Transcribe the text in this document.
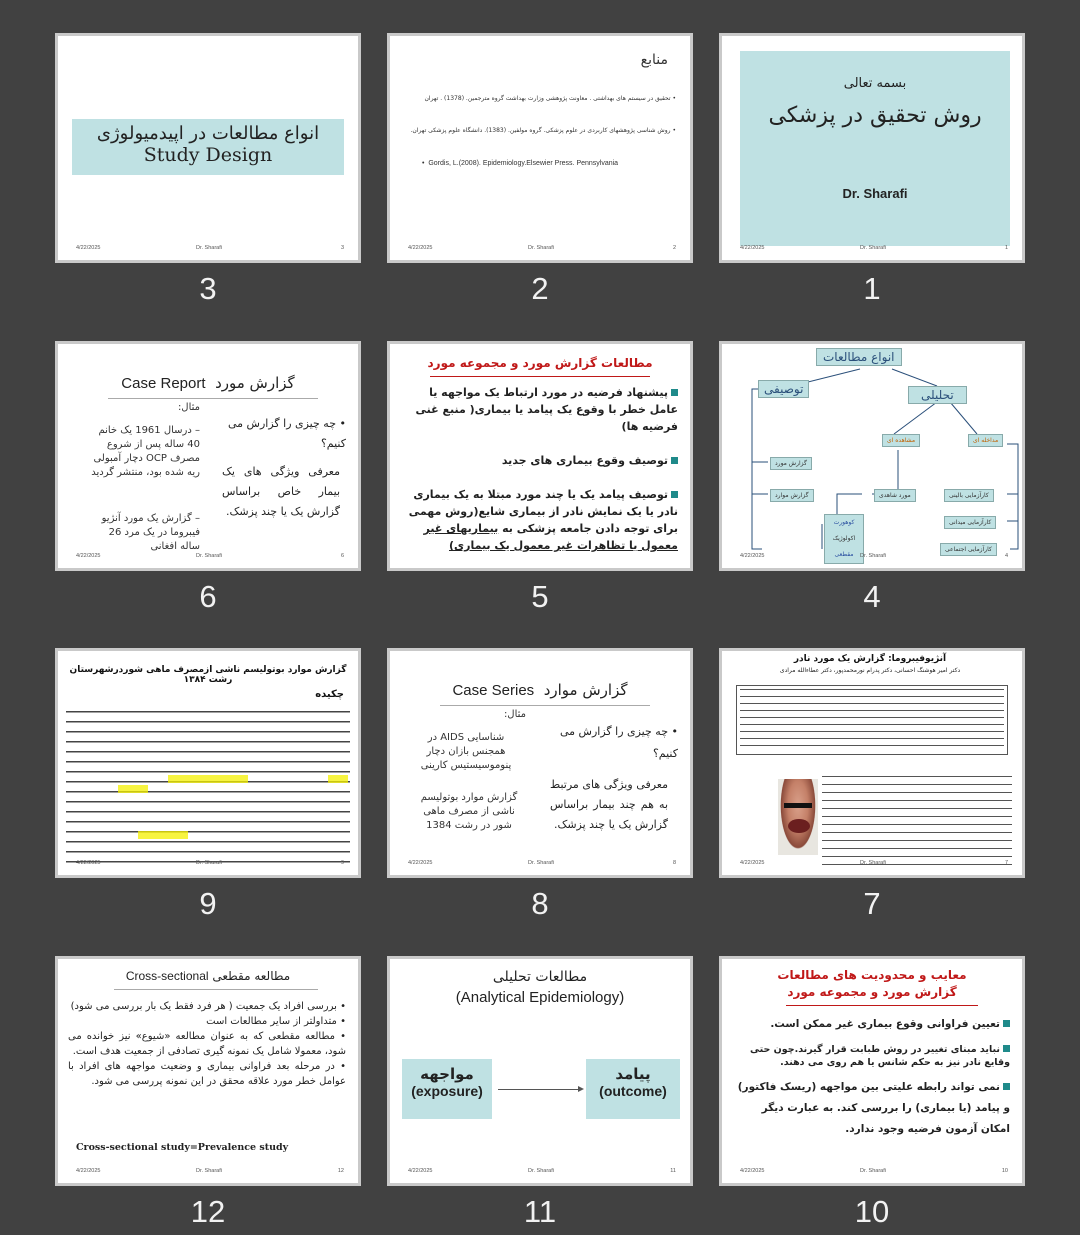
انواع مطالعات در اپیدمیولوژی
Study Design
4/22/2025	Dr. Sharafi	3
3
منابع
• تحقیق در سیستم های بهداشتی . معاونت پژوهشی وزارت بهداشت گروه مترجمین. (1378) . تهران
• روش شناسی پژوهشهای کاربردی در علوم پزشکی. گروه مولفین. (1383). دانشگاه علوم پزشکی تهران.
•  Gordis, L.(2008). Epidemiology.Elsewier Press. Pennsylvania
4/22/2025	Dr. Sharafi	2
2
بسمه تعالی
روش تحقیق در پزشکی
Dr. Sharafi
4/22/2025	Dr. Sharafi	1
1
Case Report گزارش مورد
• چه چیزی را گزارش می کنیم؟
معرفی ویژگی های یک بیمار خاص براساس گزارش یک یا چند پزشک.
مثال:
– درسال 1961 یک خانم 40 ساله پس از شروع مصرف OCP دچار آمبولی ریه شده بود، منتشر گردید
– گزارش یک مورد آنژیو فیبروما در یک مرد 26 ساله افغانی
4/22/2025	Dr. Sharafi	6
6
مطالعات گزارش مورد و مجموعه مورد
پیشنهاد فرضیه در مورد ارتباط یک مواجهه یا عامل خطر با وقوع یک پیامد یا بیماری( منبع غنی فرضیه ها)
توصیف وقوع بیماری های جدید
توصیف پیامد یک یا چند مورد مبتلا به یک بیماری نادر یا یک نمایش نادر از بیماری شایع(روش مهمی برای توجه دادن جامعه پزشکی به بیماریهای غیر معمول یا تظاهرات غیر معمول یک بیماری)
5
انواع مطالعات
توصیفی	تحلیلی
مشاهده ای	مداخله ای
گزارش مورد
گزارش موارد	مورد شاهدی
کوهورت
اکولوژیک
مقطعی
کارآزمایی بالینی
کارآزمایی میدانی
کارآزمایی اجتماعی
4/22/2025	Dr. Sharafi	4
4
گزارش موارد بوتولیسم ناشی ازمصرف ماهی شوردرشهرستان رشت ۱۳۸۴
چکیده
4/22/2025	Dr. Sharafi	9
9
Case Series گزارش موارد
• چه چیزی را گزارش می کنیم؟
معرفی ویژگی های مرتبط به هم چند بیمار براساس گزارش یک یا چند پزشک.
مثال:
شناسایی AIDS در همجنس بازان دچار پنوموسیستیس کارینی
گزارش موارد بوتولیسم ناشی از مصرف ماهی شور در رشت 1384
4/22/2025	Dr. Sharafi	8
8
آنژیوفیبروما: گزارش یک مورد نادر
دکتر امیر هوشنگ احسانی، دکتر پدرام نورمحمدپور، دکتر عطاءالله مرادی
4/22/2025	Dr. Sharafi	7
7
Cross-sectional مطالعه مقطعی
• بررسی افراد یک جمعیت ( هر فرد فقط یک بار بررسی می شود)
• متداولتر از سایر مطالعات است
• مطالعه مقطعی که به عنوان مطالعه «شیوع» نیز خوانده می شود، معمولا شامل یک نمونه گیری تصادفی از جمعیت هدف است.
• در مرحله بعد فراوانی بیماری و وضعیت مواجهه های افراد با عوامل خطر مورد علاقه محقق در این نمونه پررسی می شود.
Cross-sectional study=Prevalence study
4/22/2025	Dr. Sharafi	12
12
مطالعات تحلیلی
(Analytical Epidemiology)
مواجهه
(exposure)
پیامد
(outcome)
4/22/2025	Dr. Sharafi	11
11
معایب و محدودیت های مطالعات
گزارش مورد و مجموعه مورد
تعیین فراوانی وقوع بیماری غیر ممکن است.
نباید مبنای تغییر در روش طبابت قرار گیرند.چون حتی وقایع نادر نیز به حکم شانس یا هم روی می دهند.
نمی تواند رابطه علیتی بین مواجهه (ریسک فاکتور) و پیامد (یا بیماری) را بررسی کند. به عبارت دیگر امکان آزمون فرضیه وجود ندارد.
4/22/2025	Dr. Sharafi	10
10
